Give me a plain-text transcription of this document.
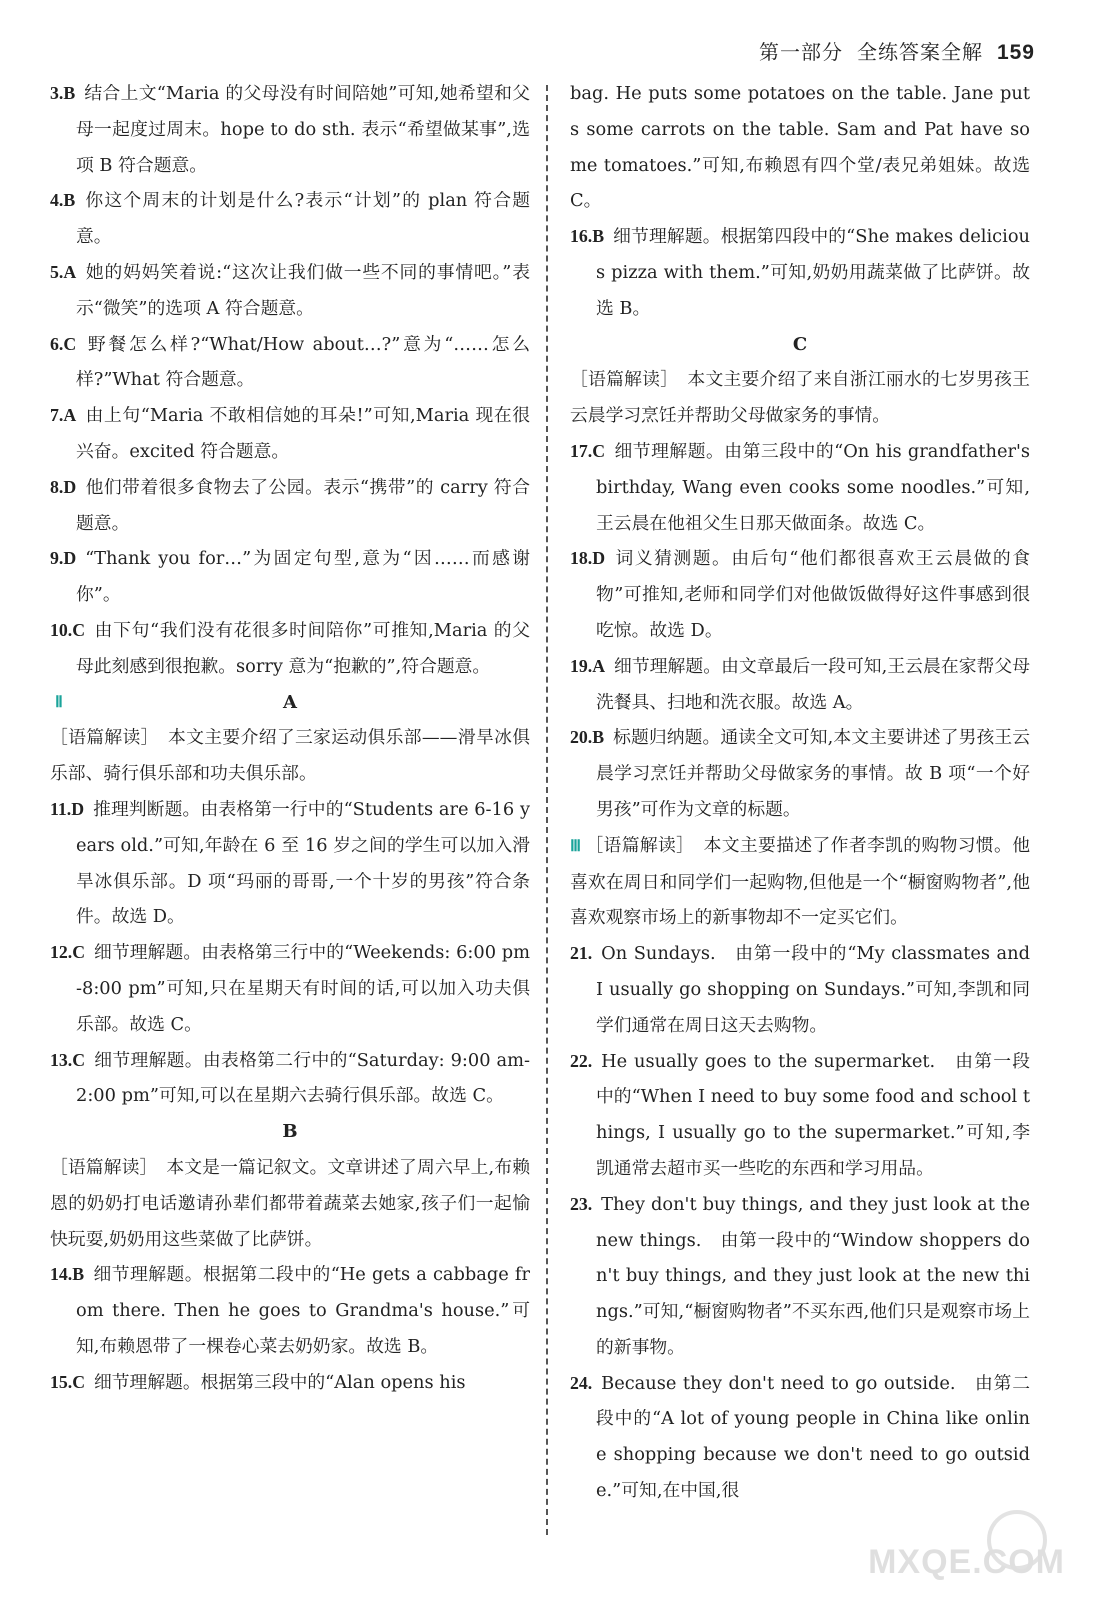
第一部分 全练答案全解 159
3.B  结合上文“Maria 的父母没有时间陪她”可知,她希望和父母一起度过周末。hope to do sth. 表示“希望做某事”,选项 B 符合题意。
4.B  你这个周末的计划是什么?表示“计划”的 plan 符合题意。
5.A  她的妈妈笑着说:“这次让我们做一些不同的事情吧。”表示“微笑”的选项 A 符合题意。
6.C  野餐怎么样?“What/How about…?”意为“……怎么样?”What 符合题意。
7.A  由上句“Maria 不敢相信她的耳朵!”可知,Maria 现在很兴奋。excited 符合题意。
8.D  他们带着很多食物去了公园。表示“携带”的 carry 符合题意。
9.D  “Thank you for…”为固定句型,意为“因……而感谢你”。
10.C  由下句“我们没有花很多时间陪你”可推知,Maria 的父母此刻感到很抱歉。sorry 意为“抱歉的”,符合题意。
Ⅱ	A
［语篇解读］　本文主要介绍了三家运动俱乐部——滑旱冰俱乐部、骑行俱乐部和功夫俱乐部。
11.D  推理判断题。由表格第一行中的“Students are 6-16 years old.”可知,年龄在 6 至 16 岁之间的学生可以加入滑旱冰俱乐部。D 项“玛丽的哥哥,一个十岁的男孩”符合条件。故选 D。
12.C  细节理解题。由表格第三行中的“Weekends: 6:00 pm-8:00 pm”可知,只在星期天有时间的话,可以加入功夫俱乐部。故选 C。
13.C  细节理解题。由表格第二行中的“Saturday: 9:00 am-2:00 pm”可知,可以在星期六去骑行俱乐部。故选 C。
B
［语篇解读］　本文是一篇记叙文。文章讲述了周六早上,布赖恩的奶奶打电话邀请孙辈们都带着蔬菜去她家,孩子们一起愉快玩耍,奶奶用这些菜做了比萨饼。
14.B  细节理解题。根据第二段中的“He gets a cabbage from there. Then he goes to Grandma's house.”可知,布赖恩带了一棵卷心菜去奶奶家。故选 B。
15.C  细节理解题。根据第三段中的“Alan opens his
bag. He puts some potatoes on the table. Jane puts some carrots on the table. Sam and Pat have some tomatoes.”可知,布赖恩有四个堂/表兄弟姐妹。故选 C。
16.B  细节理解题。根据第四段中的“She makes delicious pizza with them.”可知,奶奶用蔬菜做了比萨饼。故选 B。
C
［语篇解读］　本文主要介绍了来自浙江丽水的七岁男孩王云晨学习烹饪并帮助父母做家务的事情。
17.C  细节理解题。由第三段中的“On his grandfather's birthday, Wang even cooks some noodles.”可知,王云晨在他祖父生日那天做面条。故选 C。
18.D  词义猜测题。由后句“他们都很喜欢王云晨做的食物”可推知,老师和同学们对他做饭做得好这件事感到很吃惊。故选 D。
19.A  细节理解题。由文章最后一段可知,王云晨在家帮父母洗餐具、扫地和洗衣服。故选 A。
20.B  标题归纳题。通读全文可知,本文主要讲述了男孩王云晨学习烹饪并帮助父母做家务的事情。故 B 项“一个好男孩”可作为文章的标题。
Ⅲ ［语篇解读］　本文主要描述了作者李凯的购物习惯。他喜欢在周日和同学们一起购物,但他是一个“橱窗购物者”,他喜欢观察市场上的新事物却不一定买它们。
21.  On Sundays.　由第一段中的“My classmates and I usually go shopping on Sundays.”可知,李凯和同学们通常在周日这天去购物。
22.  He usually goes to the supermarket.　由第一段中的“When I need to buy some food and school things, I usually go to the supermarket.”可知,李凯通常去超市买一些吃的东西和学习用品。
23.  They don't buy things, and they just look at the new things.　由第一段中的“Window shoppers don't buy things, and they just look at the new things.”可知,“橱窗购物者”不买东西,他们只是观察市场上的新事物。
24.  Because they don't need to go outside.　由第二段中的“A lot of young people in China like online shopping because we don't need to go outside.”可知,在中国,很
MXQE.COM
